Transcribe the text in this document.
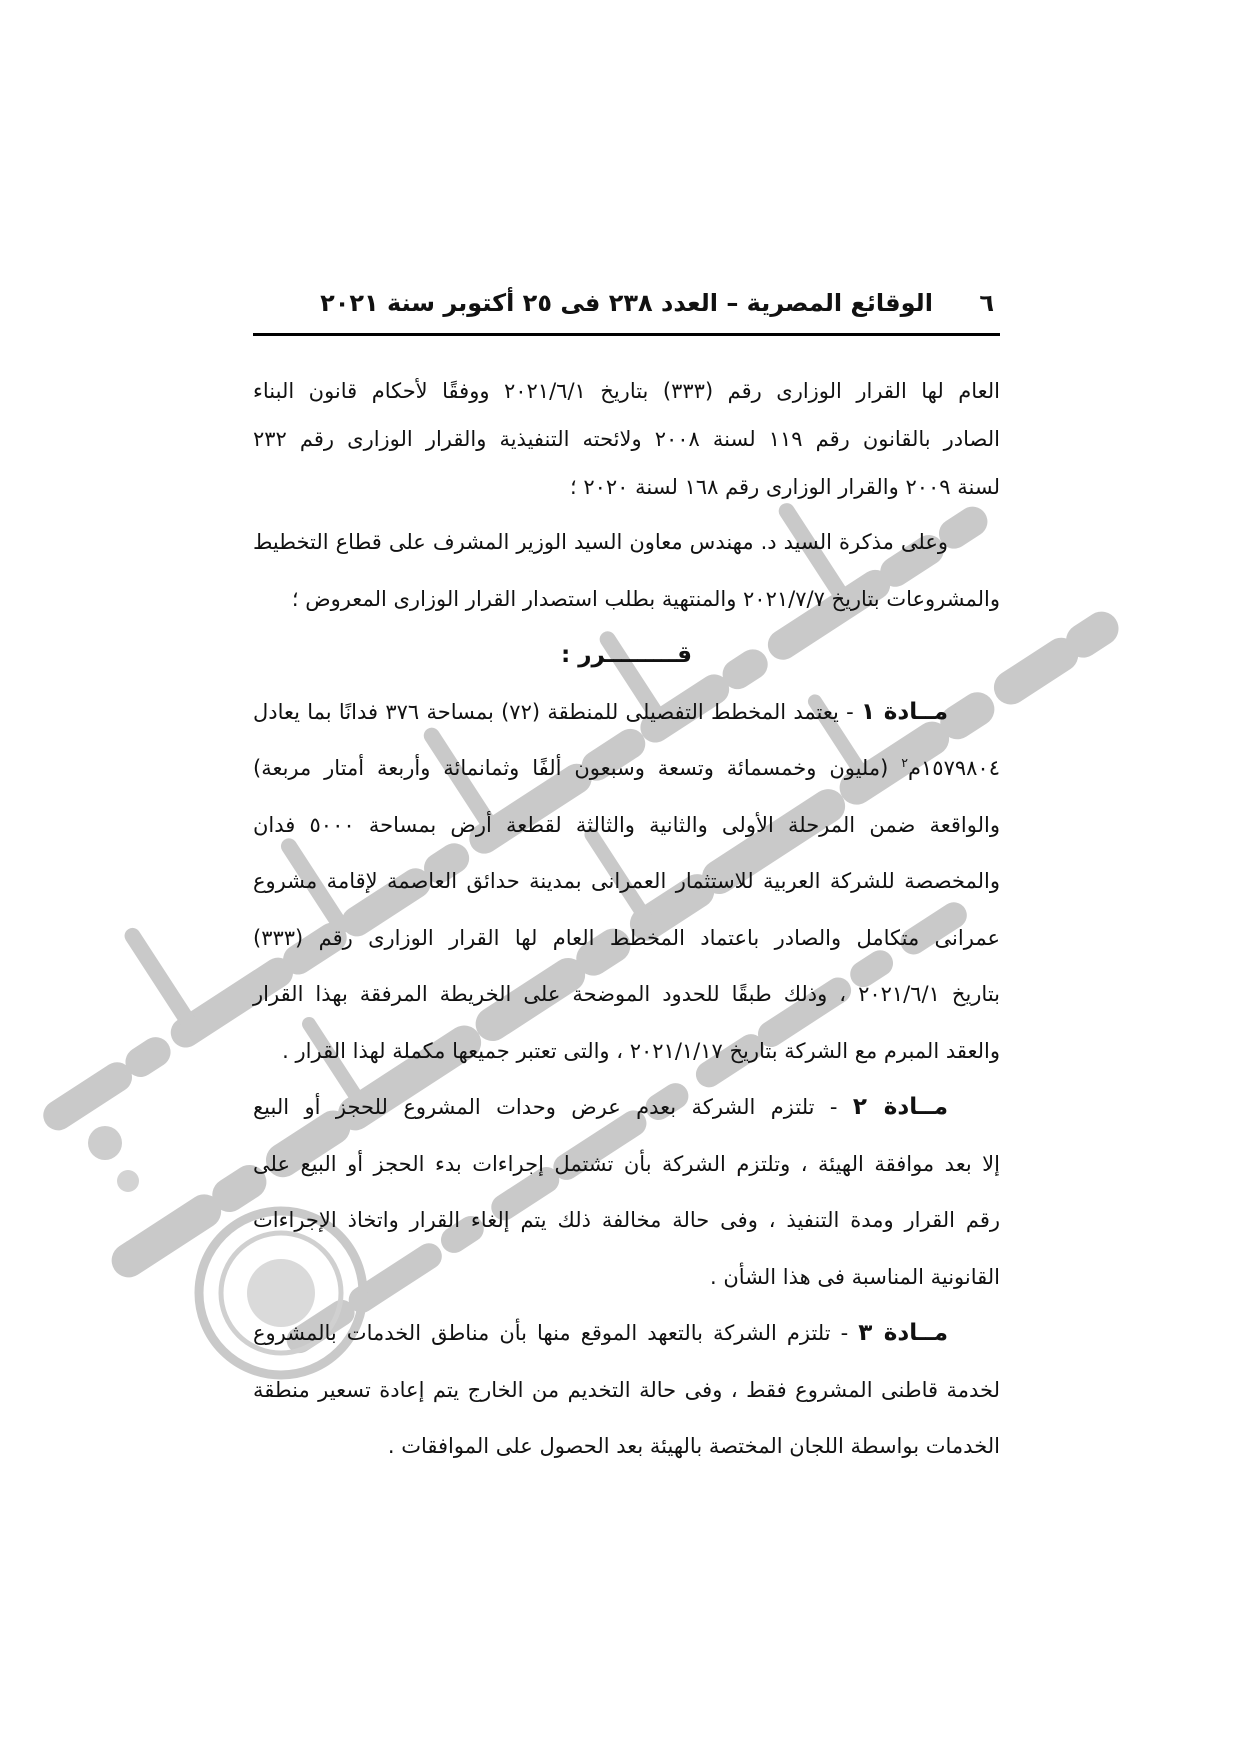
٦
الوقائع المصرية – العدد ٢٣٨ فى ٢٥ أكتوبر سنة ٢٠٢١
العام لها القرار الوزارى رقم (٣٣٣) بتاريخ ٢٠٢١/٦/١ ووفقًا لأحكام قانون البناء
الصادر بالقانون رقم ١١٩ لسنة ٢٠٠٨ ولائحته التنفيذية والقرار الوزارى رقم ٢٣٢
لسنة ٢٠٠٩ والقرار الوزارى رقم ١٦٨ لسنة ٢٠٢٠ ؛
وعلى مذكرة السيد د. مهندس معاون السيد الوزير المشرف على قطاع التخطيط
والمشروعات بتاريخ ٢٠٢١/٧/٧ والمنتهية بطلب استصدار القرار الوزارى المعروض ؛
قـــــــــرر :
مــادة ١ - يعتمد المخطط التفصيلى للمنطقة (٧٢) بمساحة ٣٧٦ فدانًا بما يعادل
١٥٧٩٨٠٤م$^٢$ (مليون وخمسمائة وتسعة وسبعون ألفًا وثمانمائة وأربعة أمتار مربعة)
والواقعة ضمن المرحلة الأولى والثانية والثالثة لقطعة أرض بمساحة ٥٠٠٠ فدان
والمخصصة للشركة العربية للاستثمار العمرانى بمدينة حدائق العاصمة لإقامة مشروع
عمرانى متكامل والصادر باعتماد المخطط العام لها القرار الوزارى رقم (٣٣٣)
بتاريخ ٢٠٢١/٦/١ ، وذلك طبقًا للحدود الموضحة على الخريطة المرفقة بهذا القرار
والعقد المبرم مع الشركة بتاريخ ٢٠٢١/١/١٧ ، والتى تعتبر جميعها مكملة لهذا القرار .
مــادة ٢ - تلتزم الشركة بعدم عرض وحدات المشروع للحجز أو البيع
إلا بعد موافقة الهيئة ، وتلتزم الشركة بأن تشتمل إجراءات بدء الحجز أو البيع على
رقم القرار ومدة التنفيذ ، وفى حالة مخالفة ذلك يتم إلغاء القرار واتخاذ الإجراءات
القانونية المناسبة فى هذا الشأن .
مــادة ٣ - تلتزم الشركة بالتعهد الموقع منها بأن مناطق الخدمات بالمشروع
لخدمة قاطنى المشروع فقط ، وفى حالة التخديم من الخارج يتم إعادة تسعير منطقة
الخدمات بواسطة اللجان المختصة بالهيئة بعد الحصول على الموافقات .
